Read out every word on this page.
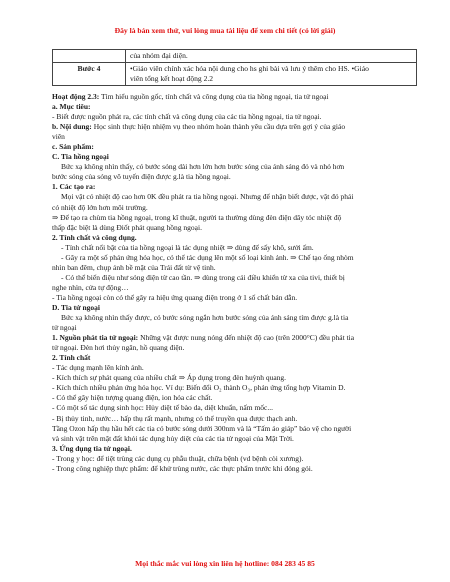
Đây là bản xem thử, vui lòng mua tài liệu để xem chi tiết (có lời giải)
	của nhóm đại diện.
Bước 4	•Giáo viên chính xác hóa nội dung cho hs ghi bài và lưu ý thêm cho HS. •Giáo
viên tổng kết hoạt động 2.2

Hoạt động 2.3: Tìm hiểu nguồn gốc, tính chất và công dụng của tia hồng ngoại, tia tử ngoại

a. Mục tiêu:

- Biết được nguồn phát ra, các tính chất và công dụng của các tia hồng ngoại, tia tử ngoại.

b. Nội dung: Học sinh thực hiện nhiệm vụ theo nhóm hoàn thành yêu cầu dựa trên gợi ý của giáo

viên

c. Sản phẩm:

C. Tia hồng ngoại

Bức xạ không nhìn thấy, có bước sóng dài hơn lớn hơn bước sóng của ánh sáng đỏ và nhỏ hơn

bước sóng của sóng vô tuyến điện được g.là tia hồng ngoại.

1. Các tạo ra:

Mọi vật có nhiệt độ cao hơn 0K đều phát ra tia hồng ngoại. Nhưng để nhận biết được, vật đó phải

có nhiệt độ lớn hơn môi trường.

⇒ Để tạo ra chùm tia hồng ngoại, trong kĩ thuật, người ta thường dùng đèn điện dây tóc nhiệt độ

thấp đặc biệt là dùng Điốt phát quang hồng ngoại.

2. Tính chất và công dụng.

- Tính chất nổi bật của tia hồng ngoại là tác dụng nhiệt ⇒ dùng để sấy khô, sưởi ấm.

- Gây ra một số phản ứng hóa học, có thể tác dụng lên một số loại kính ảnh. ⇒ Chế tạo ống nhòm

nhìn ban đêm, chụp ảnh bề mặt của Trái đất từ vệ tinh.

- Có thể biến điệu như sóng điện từ cao tần. ⇒ dùng trong cái điều khiển từ xa của tivi, thiết bị

nghe nhìn, cửa tự động…

- Tia hồng ngoại còn có thể gây ra hiệu ứng quang điện trong ở 1 số chất bán dẫn.

D. Tia tử ngoại

Bức xạ không nhìn thấy được, có bước sóng ngắn hơn bước sóng của ánh sáng tím được g.là tia

tử ngoại

1. Nguồn phát tia tử ngoại: Những vật được nung nóng đến nhiệt độ cao (trên 2000°C) đều phát tia

tử ngoại. Đèn hơi thủy ngân, hồ quang điện.

2. Tính chất

- Tác dụng mạnh lên kính ảnh.

- Kích thích sự phát quang của nhiều chất ⇒ Áp dụng trong đèn huỳnh quang.

- Kích thích nhiều phản ứng hóa học. Ví dụ: Biến đổi O₂ thành O₃, phản ứng tổng hợp Vitamin D.

- Có thể gây hiện tượng quang điện, ion hóa các chất.

- Có một số tác dụng sinh học: Hủy diệt tế bào da, diệt khuẩn, nấm mốc...

- Bị thủy tinh, nước… hấp thụ rất mạnh, nhưng có thể truyền qua được thạch anh.

Tầng Ozon hấp thụ hầu hết các tia có bước sóng dưới 300nm và là “Tấm áo giáp” bảo vệ cho người

và sinh vật trên mặt đất khỏi tác dụng hủy diệt của các tia tử ngoại của Mặt Trời.

3. Ứng dụng tia tử ngoại.

- Trong y học: để tiệt trùng các dụng cụ phẫu thuật, chữa bệnh (vd bệnh còi xương).

- Trong công nghiệp thực phẩm: để khử trùng nước, các thực phẩm trước khi đóng gói.

Mọi thắc mắc vui lòng xin liên hệ hotline: 084 283 45 85
